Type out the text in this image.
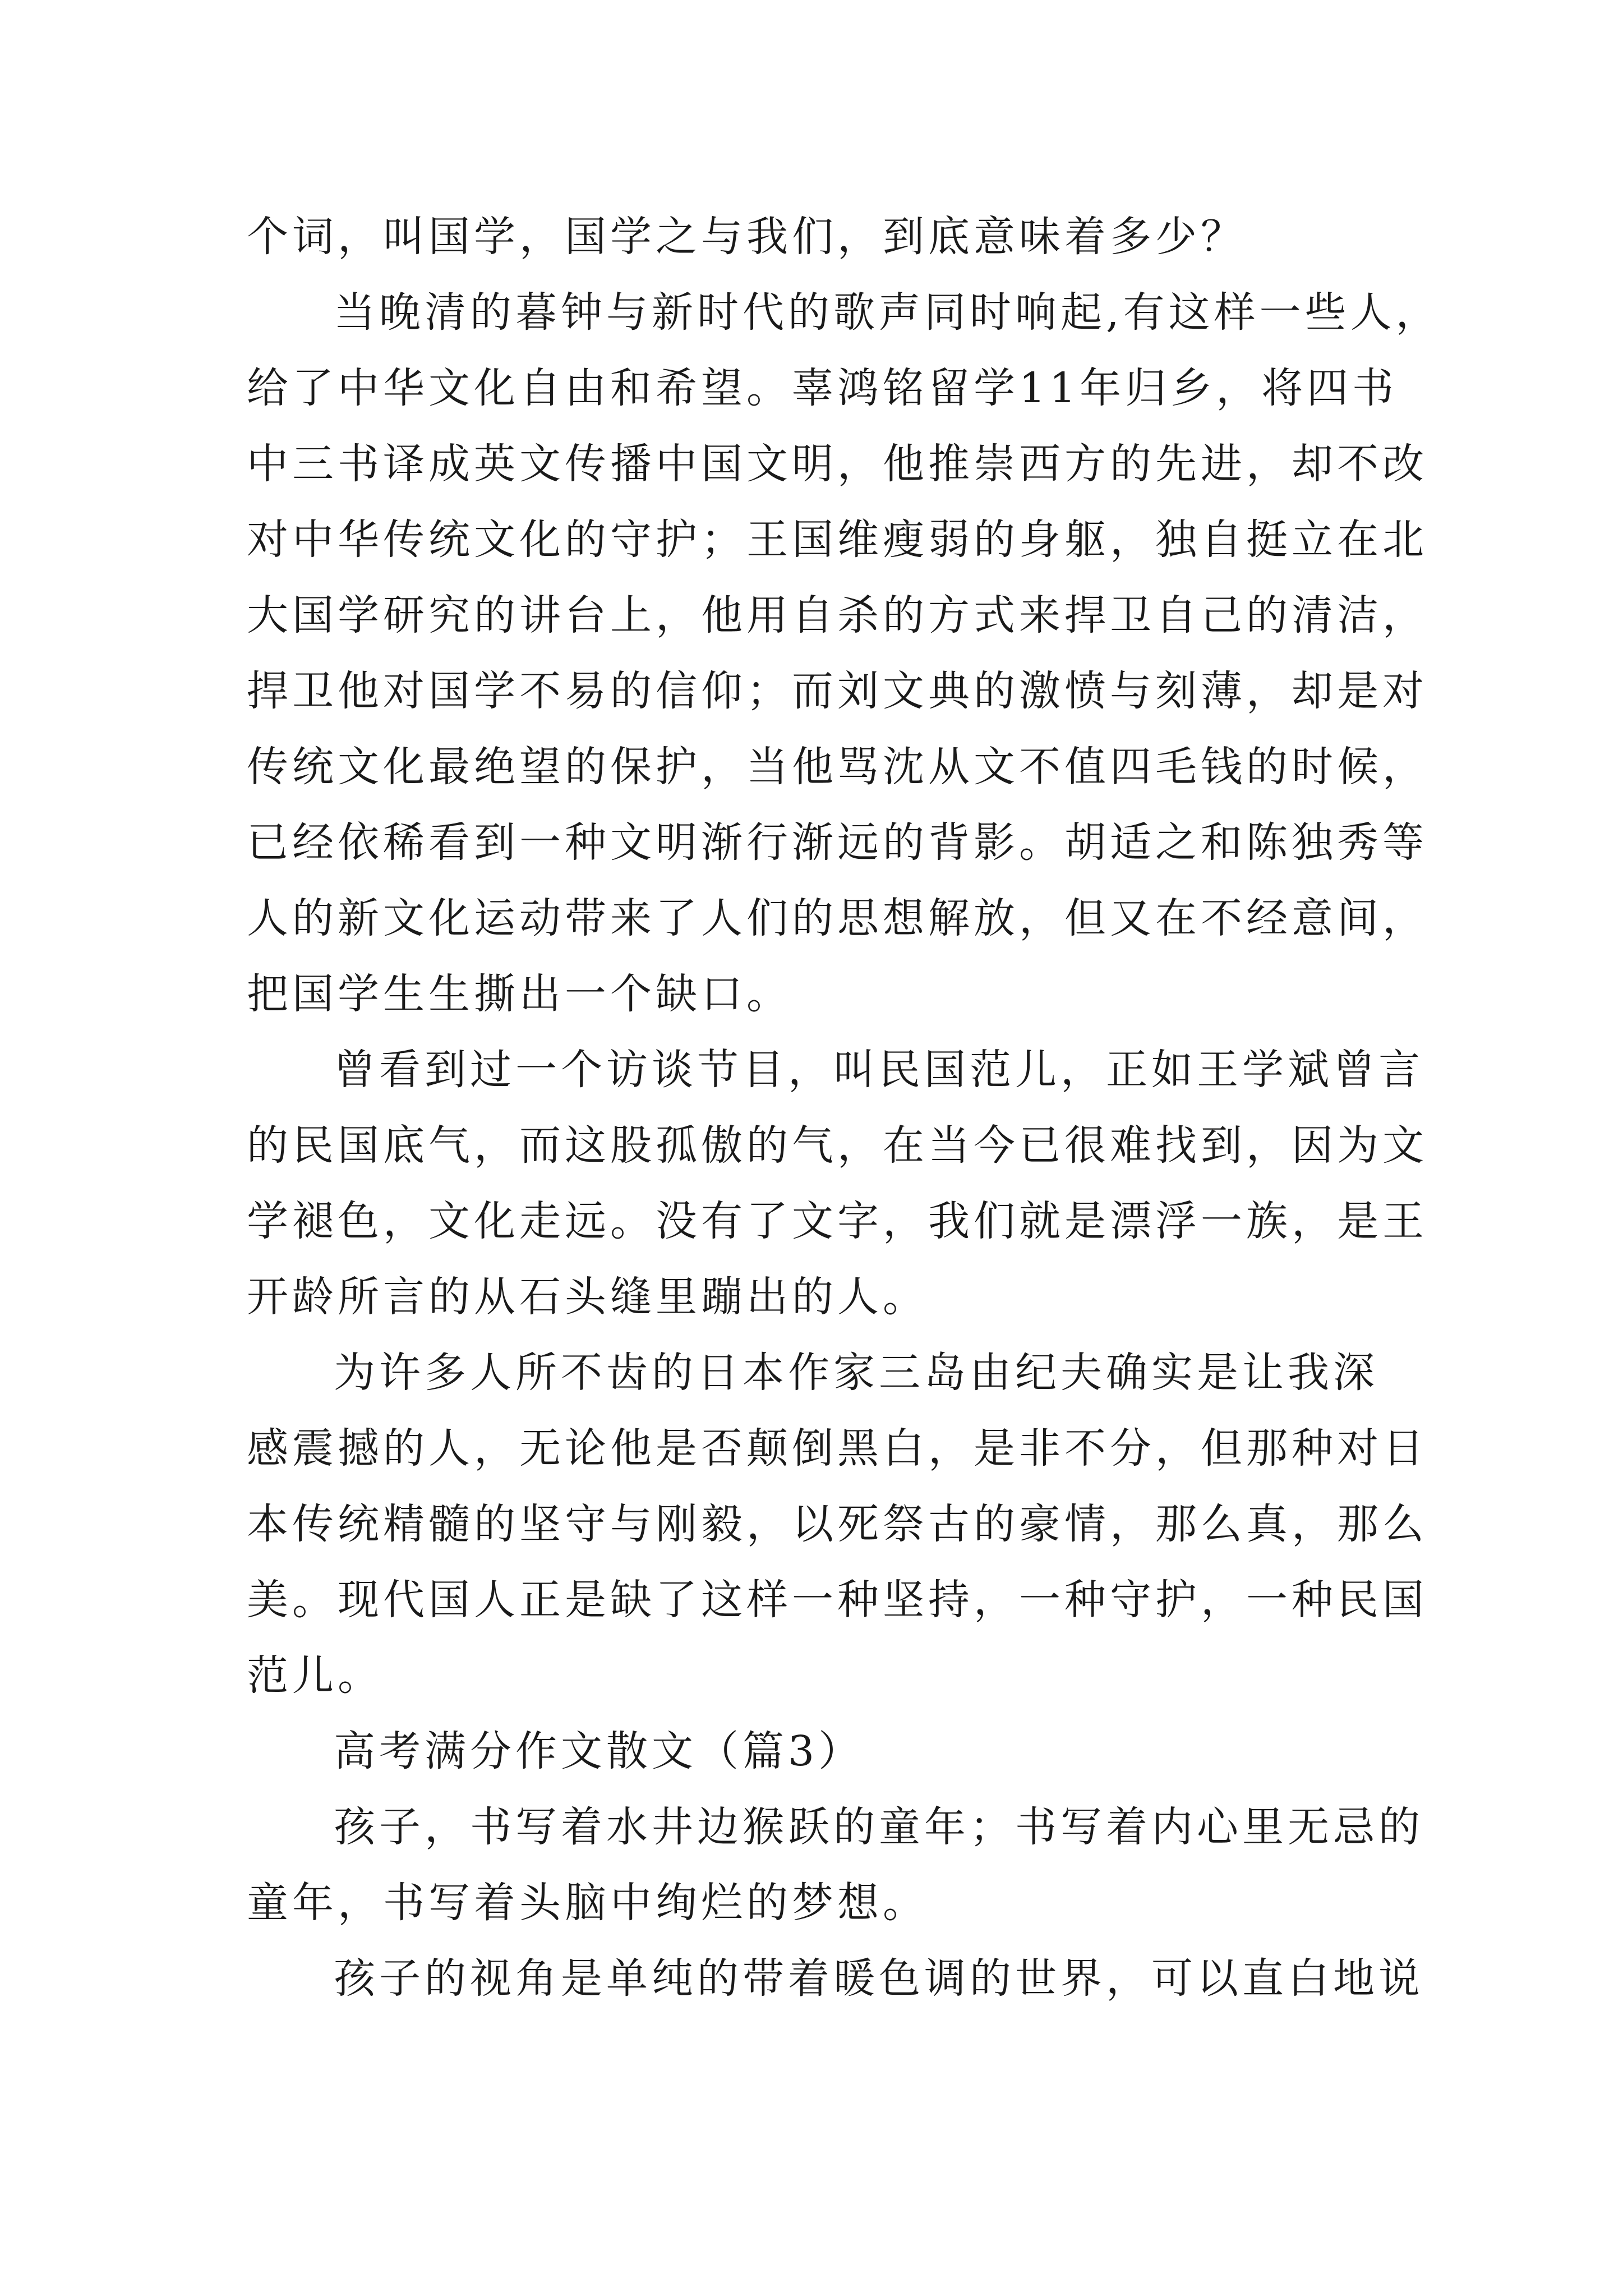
个词，叫国学，国学之与我们，到底意味着多少？
当晚清的暮钟与新时代的歌声同时响起,有这样一些人，
给了中华文化自由和希望。辜鸿铭留学11年归乡，将四书
中三书译成英文传播中国文明，他推崇西方的先进，却不改
对中华传统文化的守护；王国维瘦弱的身躯，独自挺立在北
大国学研究的讲台上，他用自杀的方式来捍卫自己的清洁，
捍卫他对国学不易的信仰；而刘文典的激愤与刻薄，却是对
传统文化最绝望的保护，当他骂沈从文不值四毛钱的时候，
已经依稀看到一种文明渐行渐远的背影。胡适之和陈独秀等
人的新文化运动带来了人们的思想解放，但又在不经意间，
把国学生生撕出一个缺口。
曾看到过一个访谈节目，叫民国范儿，正如王学斌曾言
的民国底气，而这股孤傲的气，在当今已很难找到，因为文
学褪色，文化走远。没有了文字，我们就是漂浮一族，是王
开龄所言的从石头缝里蹦出的人。
为许多人所不齿的日本作家三岛由纪夫确实是让我深
感震撼的人，无论他是否颠倒黑白，是非不分，但那种对日
本传统精髓的坚守与刚毅，以死祭古的豪情，那么真，那么
美。现代国人正是缺了这样一种坚持，一种守护，一种民国
范儿。
高考满分作文散文（篇3）
孩子，书写着水井边猴跃的童年；书写着内心里无忌的
童年，书写着头脑中绚烂的梦想。
孩子的视角是单纯的带着暖色调的世界，可以直白地说
